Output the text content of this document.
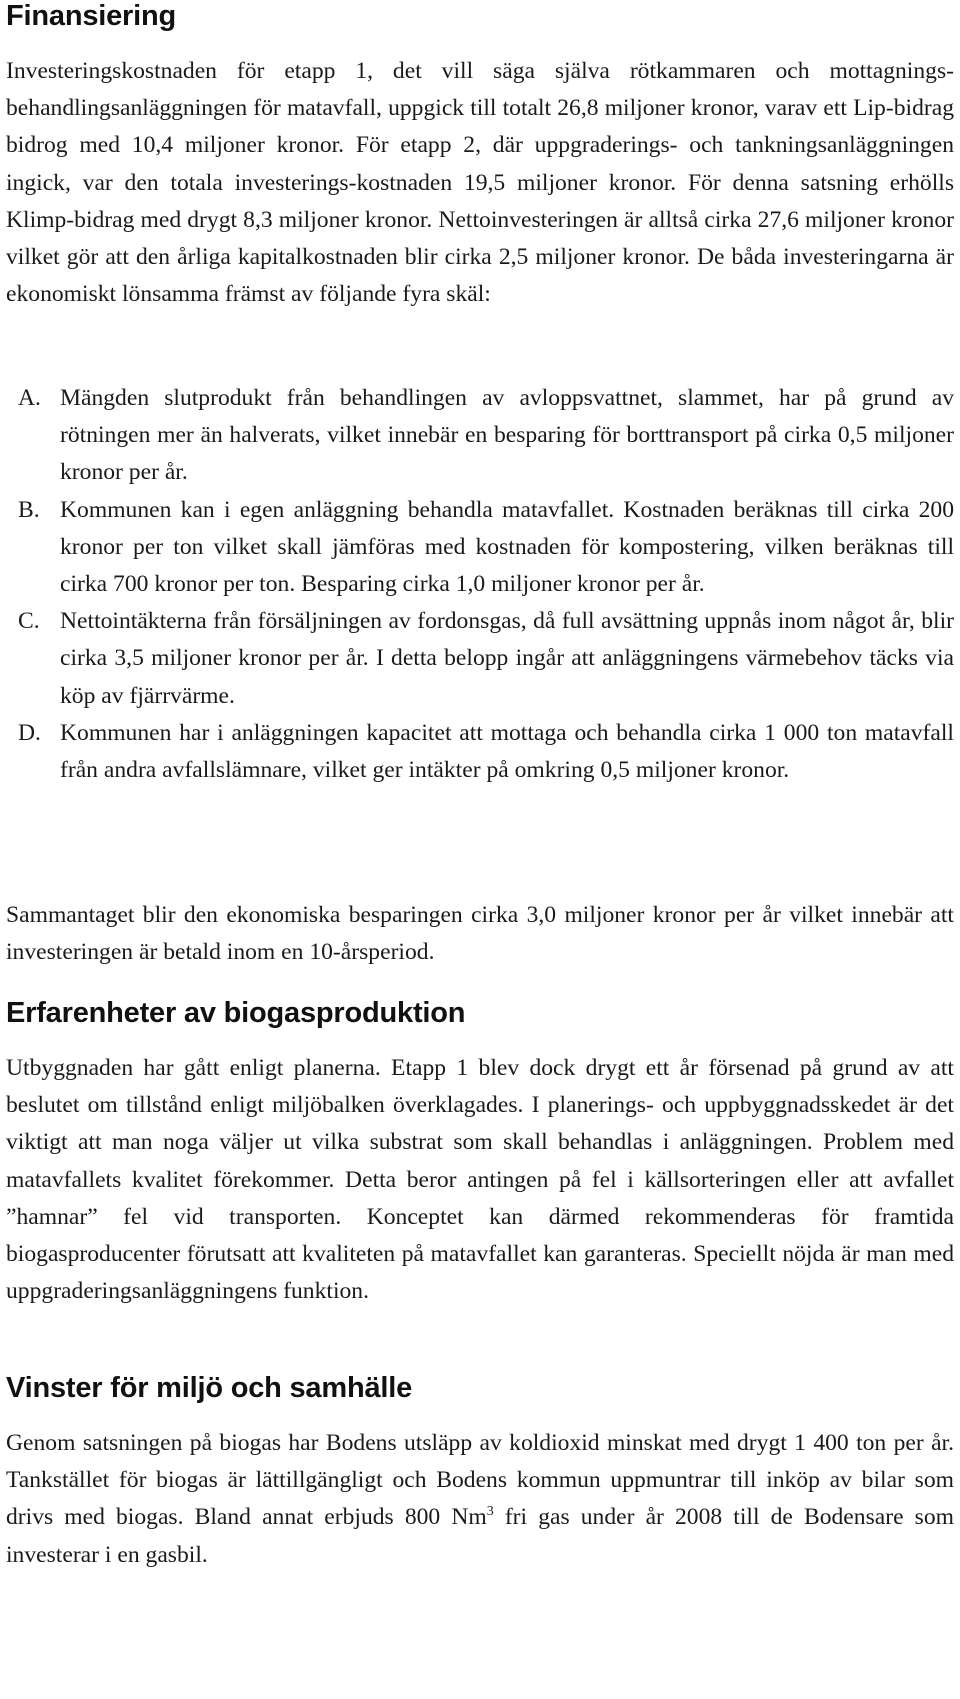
Finansiering

Investeringskostnaden för etapp 1, det vill säga själva rötkammaren och mottagnings- behandlingsanläggningen för matavfall, uppgick till totalt 26,8 miljoner kronor, varav ett Lip-bidrag bidrog med 10,4 miljoner kronor. För etapp 2, där uppgraderings- och tankningsanläggningen ingick, var den totala investerings-kostnaden 19,5 miljoner kronor. För denna satsning erhölls Klimp-bidrag med drygt 8,3 miljoner kronor. Nettoinvesteringen är alltså cirka 27,6 miljoner kronor vilket gör att den årliga kapitalkostnaden blir cirka 2,5 miljoner kronor. De båda investeringarna är ekonomiskt lönsamma främst av följande fyra skäl:

A. Mängden slutprodukt från behandlingen av avloppsvattnet, slammet, har på grund av rötningen mer än halverats, vilket innebär en besparing för borttransport på cirka 0,5 miljoner kronor per år.
B. Kommunen kan i egen anläggning behandla matavfallet. Kostnaden beräknas till cirka 200 kronor per ton vilket skall jämföras med kostnaden för kompostering, vilken beräknas till cirka 700 kronor per ton. Besparing cirka 1,0 miljoner kronor per år.
C. Nettointäkterna från försäljningen av fordonsgas, då full avsättning uppnås inom något år, blir cirka 3,5 miljoner kronor per år. I detta belopp ingår att anläggningens värmebehov täcks via köp av fjärrvärme.
D. Kommunen har i anläggningen kapacitet att mottaga och behandla cirka 1 000 ton matavfall från andra avfallslämnare, vilket ger intäkter på omkring 0,5 miljoner kronor.

Sammantaget blir den ekonomiska besparingen cirka 3,0 miljoner kronor per år vilket innebär att investeringen är betald inom en 10-årsperiod.

Erfarenheter av biogasproduktion

Utbyggnaden har gått enligt planerna. Etapp 1 blev dock drygt ett år försenad på grund av att beslutet om tillstånd enligt miljöbalken överklagades. I planerings- och uppbyggnadsskedet är det viktigt att man noga väljer ut vilka substrat som skall behandlas i anläggningen. Problem med matavfallets kvalitet förekommer. Detta beror antingen på fel i källsorteringen eller att avfallet ”hamnar” fel vid transporten. Konceptet kan därmed rekommenderas för framtida biogasproducenter förutsatt att kvaliteten på matavfallet kan garanteras. Speciellt nöjda är man med uppgraderingsanläggningens funktion.

Vinster för miljö och samhälle

Genom satsningen på biogas har Bodens utsläpp av koldioxid minskat med drygt 1 400 ton per år. Tankstället för biogas är lättillgängligt och Bodens kommun uppmuntrar till inköp av bilar som drivs med biogas. Bland annat erbjuds 800 Nm$^3$ fri gas under år 2008 till de Bodensare som investerar i en gasbil.
